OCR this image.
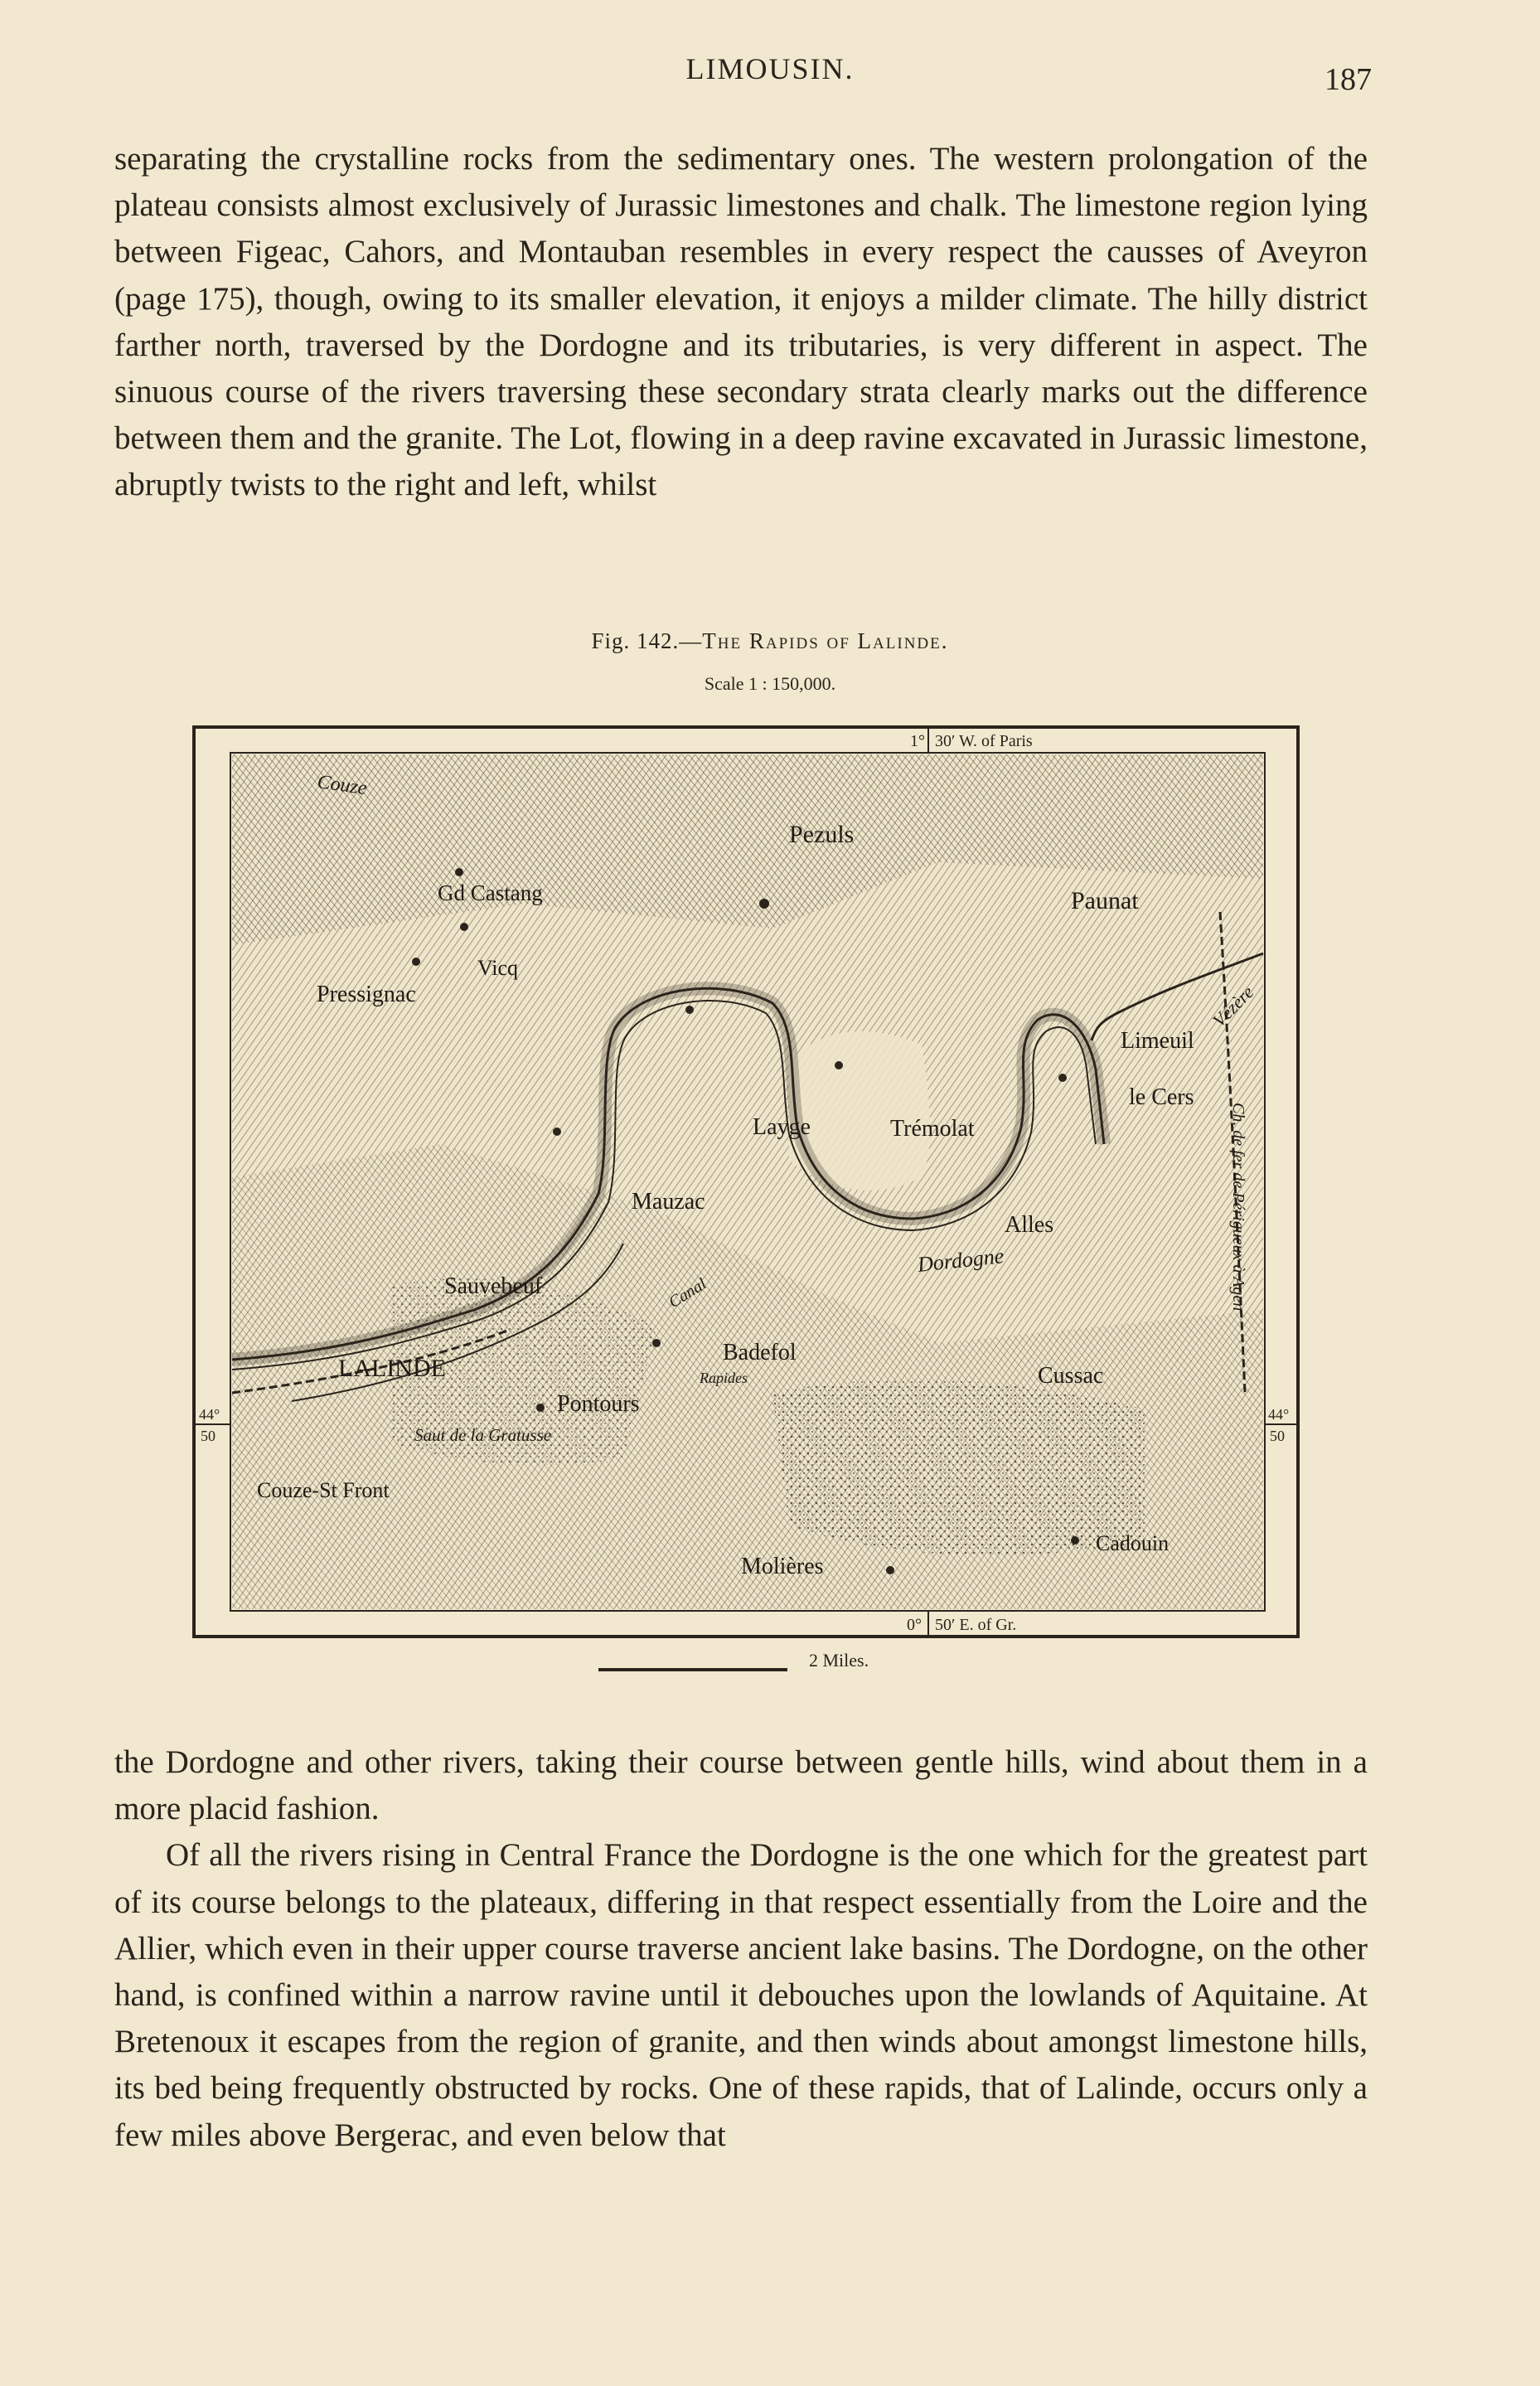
LIMOUSIN.	187

separating the crystalline rocks from the sedimentary ones. The western prolongation of the plateau consists almost exclusively of Jurassic limestones and chalk. The limestone region lying between Figeac, Cahors, and Montauban resembles in every respect the causses of Aveyron (page 175), though, owing to its smaller elevation, it enjoys a milder climate. The hilly district farther north, traversed by the Dordogne and its tributaries, is very different in aspect. The sinuous course of the rivers traversing these secondary strata clearly marks out the difference between them and the granite. The Lot, flowing in a deep ravine excavated in Jurassic limestone, abruptly twists to the right and left, whilst

Fig. 142.—The Rapids of Lalinde.
Scale 1 : 150,000.
1° 30′ W. of Paris
0° 50′ E. of Gr.
44°
50
44°
50
Couze
Pezuls
Gd Castang	Paunat
Vicq
Pressignac
Limeuil
Vézère
le Cers
Layge	Trémolat	Ch. de fer de Périgueux à Agen
Mauzac
Alles
Dordogne
Sauvebeuf	Canal
Badefol
Rapides
LALINDE
Pontours
Cussac
Saut de la Gratusse
Couze-St Front
Cadouin
Molières
2 Miles.

the Dordogne and other rivers, taking their course between gentle hills, wind about them in a more placid fashion.

Of all the rivers rising in Central France the Dordogne is the one which for the greatest part of its course belongs to the plateaux, differing in that respect essentially from the Loire and the Allier, which even in their upper course traverse ancient lake basins. The Dordogne, on the other hand, is confined within a narrow ravine until it debouches upon the lowlands of Aquitaine. At Bretenoux it escapes from the region of granite, and then winds about amongst limestone hills, its bed being frequently obstructed by rocks. One of these rapids, that of Lalinde, occurs only a few miles above Bergerac, and even below that
